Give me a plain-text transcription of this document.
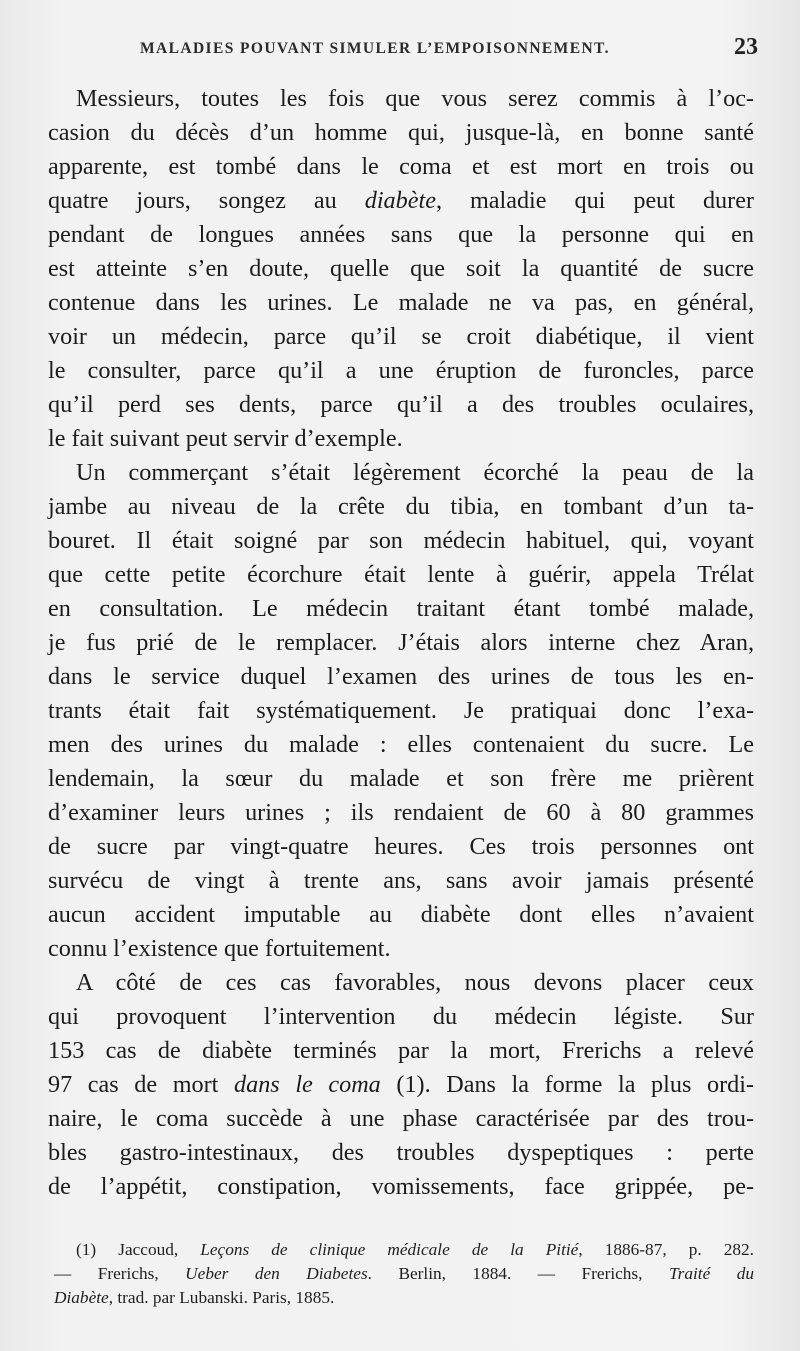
MALADIES POUVANT SIMULER L’EMPOISONNEMENT.	23
Messieurs, toutes les fois que vous serez commis à l’oc-
casion du décès d’un homme qui, jusque-là, en bonne santé
apparente, est tombé dans le coma et est mort en trois ou
quatre jours, songez au diabète, maladie qui peut durer
pendant de longues années sans que la personne qui en
est atteinte s’en doute, quelle que soit la quantité de sucre
contenue dans les urines. Le malade ne va pas, en général,
voir un médecin, parce qu’il se croit diabétique, il vient
le consulter, parce qu’il a une éruption de furoncles, parce
qu’il perd ses dents, parce qu’il a des troubles oculaires,
le fait suivant peut servir d’exemple.
Un commerçant s’était légèrement écorché la peau de la
jambe au niveau de la crête du tibia, en tombant d’un ta-
bouret. Il était soigné par son médecin habituel, qui, voyant
que cette petite écorchure était lente à guérir, appela Trélat
en consultation. Le médecin traitant étant tombé malade,
je fus prié de le remplacer. J’étais alors interne chez Aran,
dans le service duquel l’examen des urines de tous les en-
trants était fait systématiquement. Je pratiquai donc l’exa-
men des urines du malade : elles contenaient du sucre. Le
lendemain, la sœur du malade et son frère me prièrent
d’examiner leurs urines ; ils rendaient de 60 à 80 grammes
de sucre par vingt-quatre heures. Ces trois personnes ont
survécu de vingt à trente ans, sans avoir jamais présenté
aucun accident imputable au diabète dont elles n’avaient
connu l’existence que fortuitement.
A côté de ces cas favorables, nous devons placer ceux
qui provoquent l’intervention du médecin légiste. Sur
153 cas de diabète terminés par la mort, Frerichs a relevé
97 cas de mort dans le coma (1). Dans la forme la plus ordi-
naire, le coma succède à une phase caractérisée par des trou-
bles gastro-intestinaux, des troubles dyspeptiques : perte
de l’appétit, constipation, vomissements, face grippée, pe-
(1) Jaccoud, Leçons de clinique médicale de la Pitié, 1886-87, p. 282.
— Frerichs, Ueber den Diabetes. Berlin, 1884. — Frerichs, Traité du
Diabète, trad. par Lubanski. Paris, 1885.
